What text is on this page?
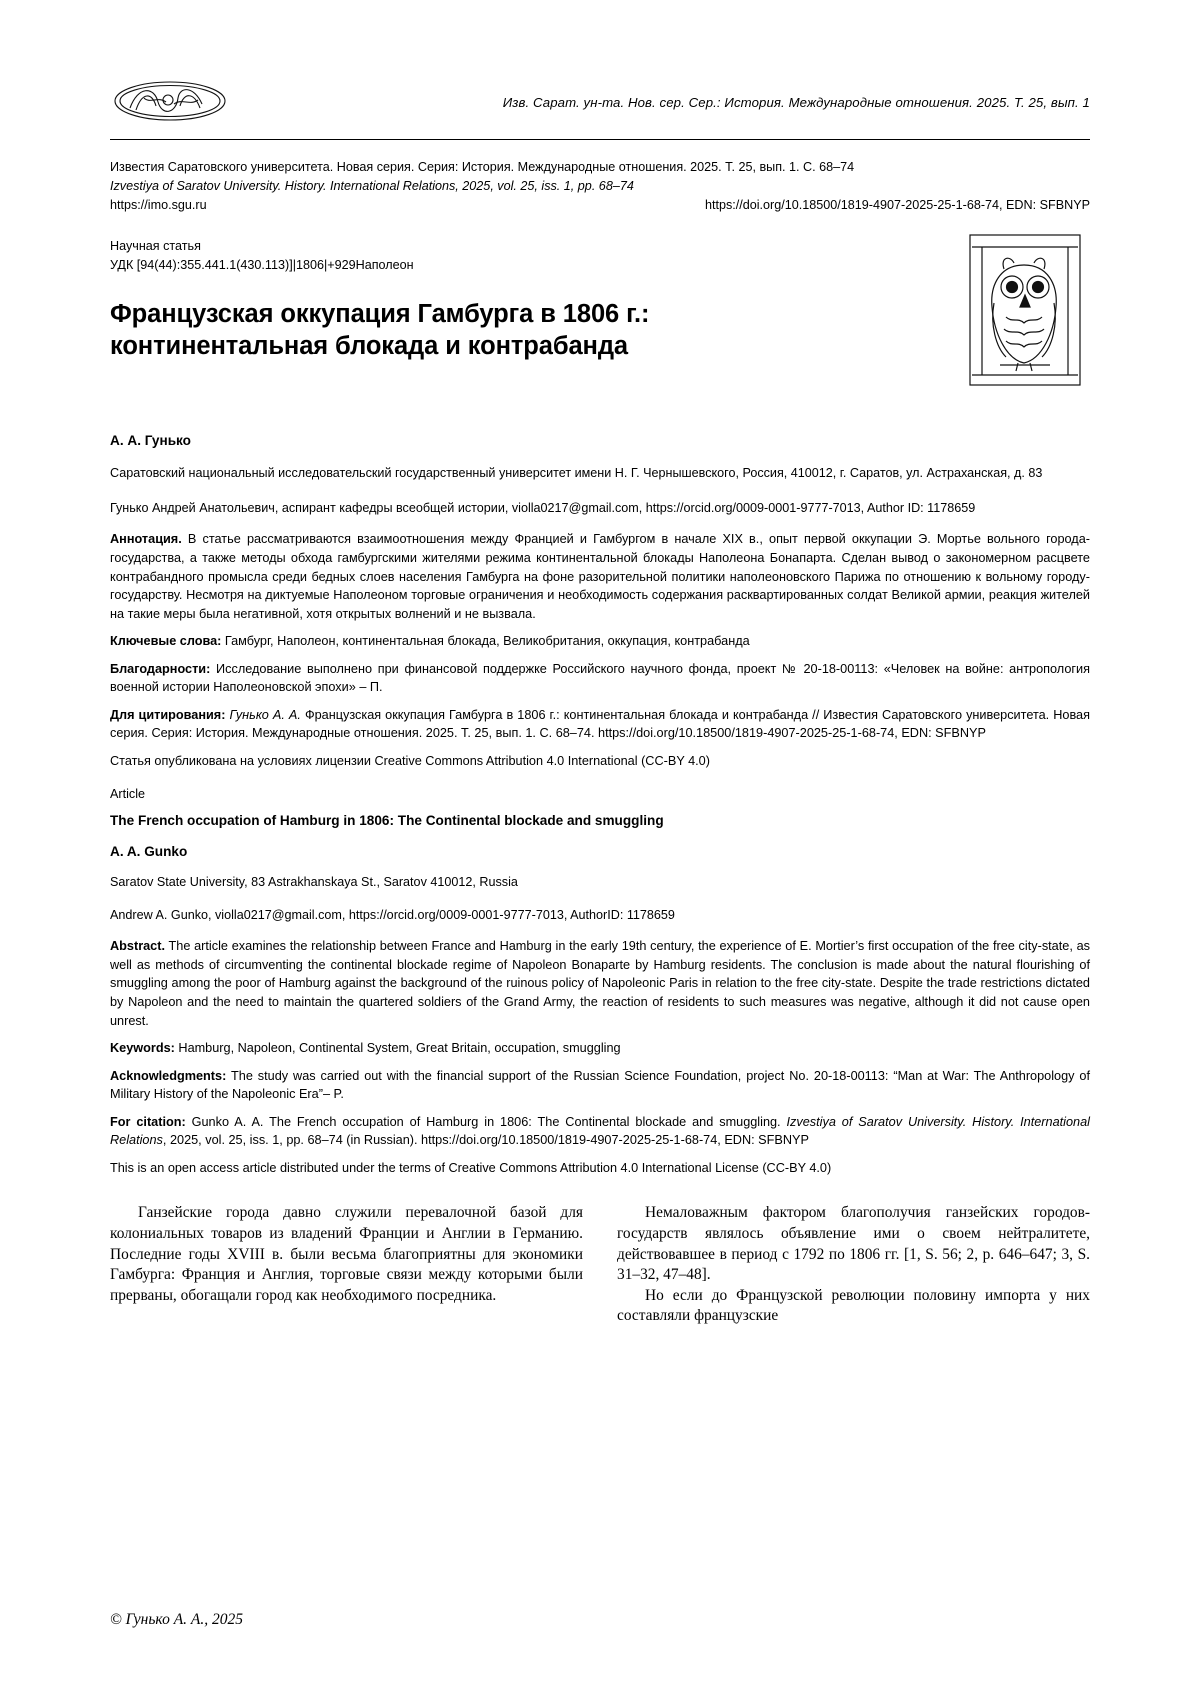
Изв. Сарат. ун-та. Нов. сер. Сер.: История. Международные отношения. 2025. Т. 25, вып. 1
Известия Саратовского университета. Новая серия. Серия: История. Международные отношения. 2025. Т. 25, вып. 1. С. 68–74
Izvestiya of Saratov University. History. International Relations, 2025, vol. 25, iss. 1, pp. 68–74
https://imo.sgu.ru	https://doi.org/10.18500/1819-4907-2025-25-1-68-74, EDN: SFBNYP
Научная статья
УДК [94(44):355.441.1(430.113)]|1806|+929Наполеон
Французская оккупация Гамбурга в 1806 г.: континентальная блокада и контрабанда
А. А. Гунько
Саратовский национальный исследовательский государственный университет имени Н. Г. Чернышевского, Россия, 410012, г. Саратов, ул. Астраханская, д. 83
Гунько Андрей Анатольевич, аспирант кафедры всеобщей истории, violla0217@gmail.com, https://orcid.org/0009-0001-9777-7013, Author ID: 1178659
Аннотация. В статье рассматриваются взаимоотношения между Францией и Гамбургом в начале XIX в., опыт первой оккупации Э. Мортье вольного города-государства, а также методы обхода гамбургскими жителями режима континентальной блокады Наполеона Бонапарта. Сделан вывод о закономерном расцвете контрабандного промысла среди бедных слоев населения Гамбурга на фоне разорительной политики наполеоновского Парижа по отношению к вольному городу-государству. Несмотря на диктуемые Наполеоном торговые ограничения и необходимость содержания расквартированных солдат Великой армии, реакция жителей на такие меры была негативной, хотя открытых волнений и не вызвала.
Ключевые слова: Гамбург, Наполеон, континентальная блокада, Великобритания, оккупация, контрабанда
Благодарности: Исследование выполнено при финансовой поддержке Российского научного фонда, проект № 20-18-00113: «Человек на войне: антропология военной истории Наполеоновской эпохи» – П.
Для цитирования: Гунько А. А. Французская оккупация Гамбурга в 1806 г.: континентальная блокада и контрабанда // Известия Саратовского университета. Новая серия. Серия: История. Международные отношения. 2025. Т. 25, вып. 1. С. 68–74. https://doi.org/10.18500/1819-4907-2025-25-1-68-74, EDN: SFBNYP
Статья опубликована на условиях лицензии Creative Commons Attribution 4.0 International (CC-BY 4.0)
Article
The French occupation of Hamburg in 1806: The Continental blockade and smuggling
A. A. Gunko
Saratov State University, 83 Astrakhanskaya St., Saratov 410012, Russia
Andrew A. Gunko, violla0217@gmail.com, https://orcid.org/0009-0001-9777-7013, AuthorID: 1178659
Abstract. The article examines the relationship between France and Hamburg in the early 19th century, the experience of E. Mortier’s first occupation of the free city-state, as well as methods of circumventing the continental blockade regime of Napoleon Bonaparte by Hamburg residents. The conclusion is made about the natural flourishing of smuggling among the poor of Hamburg against the background of the ruinous policy of Napoleonic Paris in relation to the free city-state. Despite the trade restrictions dictated by Napoleon and the need to maintain the quartered soldiers of the Grand Army, the reaction of residents to such measures was negative, although it did not cause open unrest.
Keywords: Hamburg, Napoleon, Continental System, Great Britain, occupation, smuggling
Acknowledgments: The study was carried out with the financial support of the Russian Science Foundation, project No. 20-18-00113: “Man at War: The Anthropology of Military History of the Napoleonic Era”– P.
For citation: Gunko A. A. The French occupation of Hamburg in 1806: The Continental blockade and smuggling. Izvestiya of Saratov University. History. International Relations, 2025, vol. 25, iss. 1, pp. 68–74 (in Russian). https://doi.org/10.18500/1819-4907-2025-25-1-68-74, EDN: SFBNYP
This is an open access article distributed under the terms of Creative Commons Attribution 4.0 International License (CC-BY 4.0)

Ганзейские города давно служили перевалочной базой для колониальных товаров из владений Франции и Англии в Германию. Последние годы XVIII в. были весьма благоприятны для экономики Гамбурга: Франция и Англия, торговые связи между которыми были прерваны, обогащали город как необходимого посредника.

Немаловажным фактором благополучия ганзейских городов-государств являлось объявление ими о своем нейтралитете, действовавшее в период с 1792 по 1806 гг. [1, S. 56; 2, p. 646–647; 3, S. 31–32, 47–48].

Но если до Французской революции половину импорта у них составляли французские

© Гунько А. А., 2025
